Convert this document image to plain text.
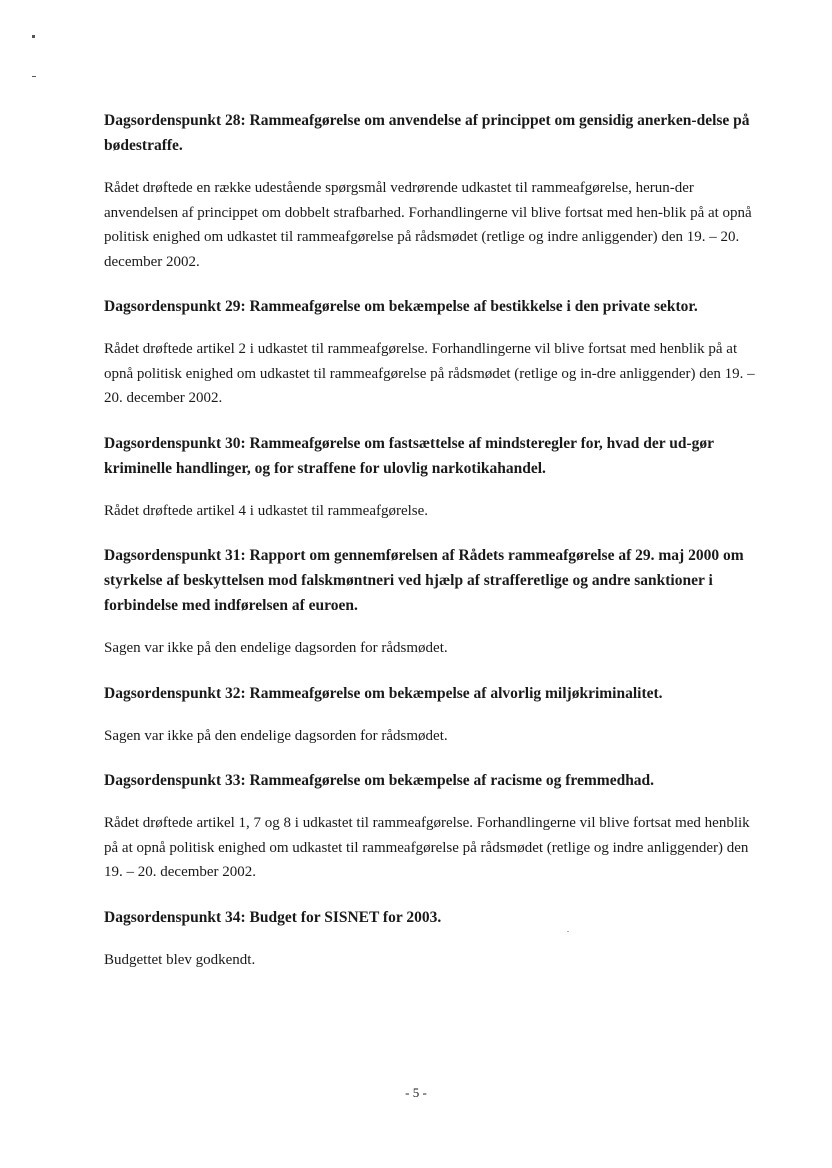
Dagsordenspunkt 28: Rammeafgørelse om anvendelse af princippet om gensidig anerken-delse på bødestraffe.

Rådet drøftede en række udestående spørgsmål vedrørende udkastet til rammeafgørelse, herun-der anvendelsen af princippet om dobbelt strafbarhed. Forhandlingerne vil blive fortsat med hen-blik på at opnå politisk enighed om udkastet til rammeafgørelse på rådsmødet (retlige og indre anliggender) den 19. – 20. december 2002.

Dagsordenspunkt 29: Rammeafgørelse om bekæmpelse af bestikkelse i den private sektor.

Rådet drøftede artikel 2 i udkastet til rammeafgørelse. Forhandlingerne vil blive fortsat med henblik på at opnå politisk enighed om udkastet til rammeafgørelse på rådsmødet (retlige og in-dre anliggender) den 19. – 20. december 2002.

Dagsordenspunkt 30: Rammeafgørelse om fastsættelse af mindsteregler for, hvad der ud-gør kriminelle handlinger, og for straffene for ulovlig narkotikahandel.

Rådet drøftede artikel 4 i udkastet til rammeafgørelse.

Dagsordenspunkt 31: Rapport om gennemførelsen af Rådets rammeafgørelse af 29. maj 2000 om styrkelse af beskyttelsen mod falskmøntneri ved hjælp af strafferetlige og andre sanktioner i forbindelse med indførelsen af euroen.

Sagen var ikke på den endelige dagsorden for rådsmødet.

Dagsordenspunkt 32: Rammeafgørelse om bekæmpelse af alvorlig miljøkriminalitet.

Sagen var ikke på den endelige dagsorden for rådsmødet.

Dagsordenspunkt 33: Rammeafgørelse om bekæmpelse af racisme og fremmedhad.

Rådet drøftede artikel 1, 7 og 8 i udkastet til rammeafgørelse. Forhandlingerne vil blive fortsat med henblik på at opnå politisk enighed om udkastet til rammeafgørelse på rådsmødet (retlige og indre anliggender) den 19. – 20. december 2002.

Dagsordenspunkt 34: Budget for SISNET for 2003.

Budgettet blev godkendt.

- 5 -
